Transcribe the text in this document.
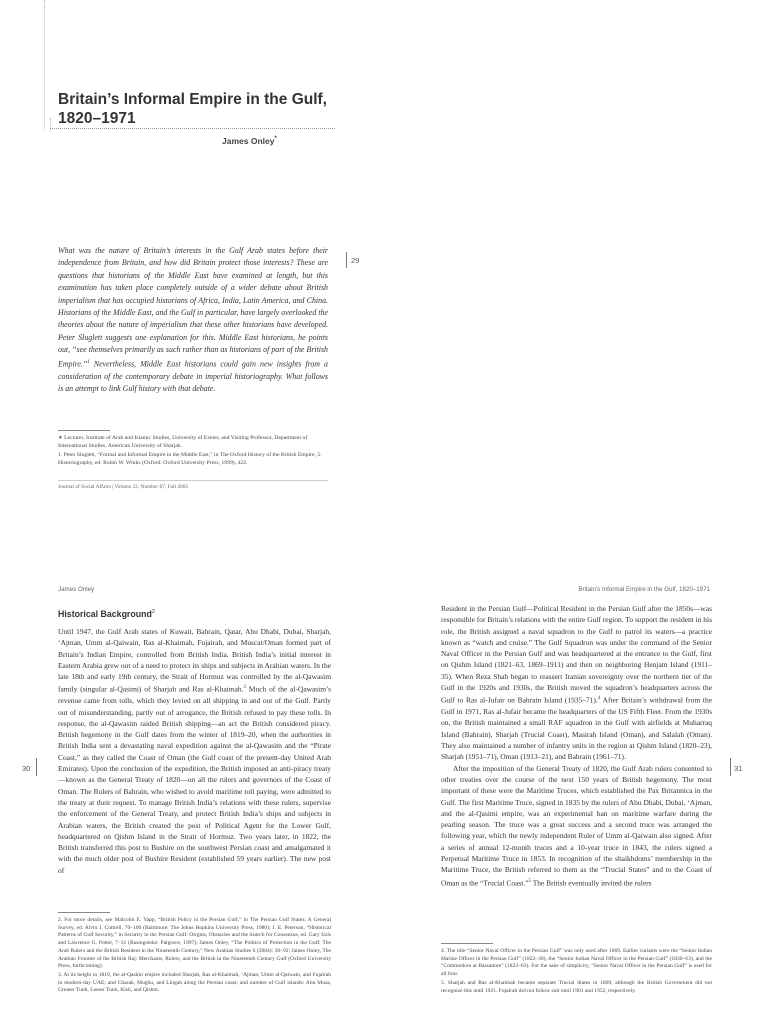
Britain’s Informal Empire in the Gulf,
1820–1971
James Onley*

What was the nature of Britain’s interests in the Gulf Arab states before their independence from Britain, and how did Britain protect those interests? These are questions that historians of the Middle East have examined at length, but this examination has taken place completely outside of a wider debate about British imperialism that has occupied historians of Africa, India, Latin America, and China. Historians of the Middle East, and the Gulf in particular, have largely overlooked the theories about the nature of imperialism that these other historians have developed. Peter Sluglett suggests one explanation for this. Middle East historians, he points out, “see themselves primarily as such rather than as historians of part of the British Empire.”$^1$ Nevertheless, Middle East historians could gain new insights from a consideration of the contemporary debate in imperial historiography. What follows is an attempt to link Gulf history with that debate.

29
∗ Lecturer, Institute of Arab and Islamic Studies, University of Exeter, and Visiting Professor, Department of International Studies, American University of Sharjah.
1. Peter Sluglett, “Formal and Informal Empire in the Middle East,” in The Oxford History of the British Empire, 5: Historiography, ed. Robin W. Winks (Oxford: Oxford University Press, 1999), 422.
Journal of Social Affairs | Volume 22, Number 87, Fall 2005
James Onley	Britain’s Informal Empire in the Gulf, 1820–1971
Historical Background$^2$

Until 1947, the Gulf Arab states of Kuwait, Bahrain, Qatar, Abu Dhabi, Dubai, Sharjah, ‘Ajman, Umm al-Qaiwain, Ras al-Khaimah, Fujairah, and Muscat/Oman formed part of Britain’s Indian Empire, controlled from British India. British India’s initial interest in Eastern Arabia grew out of a need to protect its ships and subjects in Arabian waters. In the late 18th and early 19th century, the Strait of Hormuz was controlled by the al-Qawasim family (singular al-Qasimi) of Sharjah and Ras al-Khaimah.$^3$ Much of the al-Qawasim’s revenue came from tolls, which they levied on all shipping in and out of the Gulf. Partly out of misunderstanding, partly out of arrogance, the British refused to pay these tolls. In response, the al-Qawasim raided British shipping—an act the British considered piracy. British hegemony in the Gulf dates from the winter of 1819–20, when the authorities in British India sent a devastating naval expedition against the al-Qawasim and the “Pirate Coast,” as they called the Coast of Oman (the Gulf coast of the present-day United Arab Emirates). Upon the conclusion of the expedition, the British imposed an anti-piracy treaty—known as the General Treaty of 1820—on all the rulers and governors of the Coast of Oman. The Rulers of Bahrain, who wished to avoid maritime toll paying, were admitted to the treaty at their request. To manage British India’s relations with these rulers, supervise the enforcement of the General Treaty, and protect British India’s ships and subjects in Arabian waters, the British created the post of Political Agent for the Lower Gulf, headquartered on Qishm Island in the Strait of Hormuz. Two years later, in 1822, the British transferred this post to Bushire on the southwest Persian coast and amalgamated it with the much older post of Bushire Resident (established 59 years earlier). The new post of

Resident in the Persian Gulf—Political Resident in the Persian Gulf after the 1850s—was responsible for Britain’s relations with the entire Gulf region. To support the resident in his role, the British assigned a naval squadron to the Gulf to patrol its waters—a practice known as “watch and cruise.” The Gulf Squadron was under the command of the Senior Naval Officer in the Persian Gulf and was headquartered at the entrance to the Gulf, first on Qishm Island (1821–63, 1869–1911) and then on neighboring Henjam Island (1911–35). When Reza Shah began to reassert Iranian sovereignty over the northern tier of the Gulf in the 1920s and 1930s, the British moved the squadron’s headquarters across the Gulf to Ras al-Jufair on Bahrain Island (1935–71).$^4$ After Britain’s withdrawal from the Gulf in 1971, Ras al-Jufair became the headquarters of the US Fifth Fleet. From the 1930s on, the British maintained a small RAF squadron in the Gulf with airfields at Muharraq Island (Bahrain), Sharjah (Trucial Coast), Masirah Island (Oman), and Salalah (Oman). They also maintained a number of infantry units in the region at Qishm Island (1820–23), Sharjah (1951–71), Oman (1913–21), and Bahrain (1961–71).

After the imposition of the General Treaty of 1820, the Gulf Arab rulers consented to other treaties over the course of the next 150 years of British hegemony. The most important of these were the Maritime Truces, which established the Pax Britannica in the Gulf. The first Maritime Truce, signed in 1835 by the rulers of Abu Dhabi, Dubai, ‘Ajman, and the al-Qasimi empire, was an experimental ban on maritime warfare during the pearling season. The truce was a great success and a second truce was arranged the following year, which the newly independent Ruler of Umm al-Qaiwain also signed. After a series of annual 12-month truces and a 10-year truce in 1843, the rulers signed a Perpetual Maritime Truce in 1853. In recognition of the shaikhdoms’ membership in the Maritime Truce, the British referred to them as the “Trucial States” and to the Coast of Oman as the “Trucial Coast.”$^5$ The British eventually invited the rulers

30	31

2. For more details, see Malcolm E. Yapp, “British Policy in the Persian Gulf,” in The Persian Gulf States: A General Survey, ed. Alvin J. Cottrell, 70–100 (Baltimore: The Johns Hopkins University Press, 1980); J. E. Peterson, “Historical Patterns of Gulf Security,” in Security in the Persian Gulf: Origins, Obstacles and the Search for Consensus, ed. Gary Sick and Lawrence G. Potter, 7–31 (Basingstoke: Palgrave, 1997); James Onley, “The Politics of Protection in the Gulf: The Arab Rulers and the British Resident in the Nineteenth Century,” New Arabian Studies 6 (2004): 30–92; James Onley, The Arabian Frontier of the British Raj: Merchants, Rulers, and the British in the Nineteenth Century Gulf (Oxford University Press, forthcoming).

3. At its height in 1819, the al-Qasimi empire included Sharjah, Ras al-Khaimah, ‘Ajman, Umm al-Qaiwain, and Fujairah in modern-day UAE; and Charak, Mughu, and Lingah along the Persian coast; and number of Gulf islands: Abu Musa, Greater Tunb, Lesser Tunb, Kish, and Qishm.

4. The title “Senior Naval Officer in the Persian Gulf” was only used after 1869. Earlier variants were the “Senior Indian Marine Officer in the Persian Gulf” (1822–30), the “Senior Indian Naval Officer in the Persian Gulf” (1830–63), and the “Commodore at Bassadore” (1822–63). For the sake of simplicity, “Senior Naval Officer in the Persian Gulf” is used for all four.

5. Sharjah and Ras al-Khaimah became separate Trucial States in 1869, although the British Government did not recognize this until 1921. Fujairah did not follow suit until 1901 and 1952, respectively.
